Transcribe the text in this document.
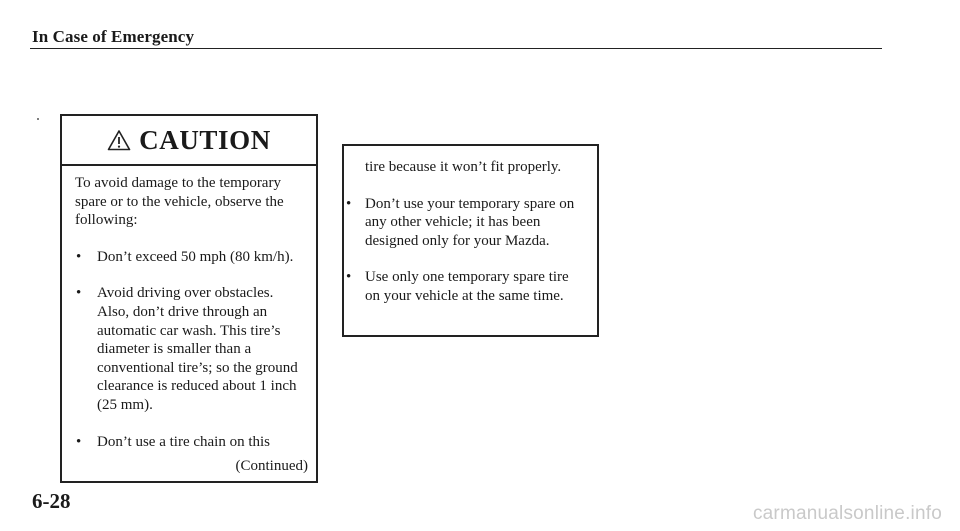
In Case of Emergency
CAUTION

To avoid damage to the temporary spare or to the vehicle, observe the following:

• Don’t exceed 50 mph (80 km/h).
• Avoid driving over obstacles. Also, don’t drive through an automatic car wash. This tire’s diameter is smaller than a conventional tire’s; so the ground clearance is reduced about 1 inch (25 mm).
• Don’t use a tire chain on this
(Continued)
tire because it won’t fit properly.
• Don’t use your temporary spare on any other vehicle; it has been designed only for your Mazda.
• Use only one temporary spare tire on your vehicle at the same time.
6-28
carmanualsonline.info
